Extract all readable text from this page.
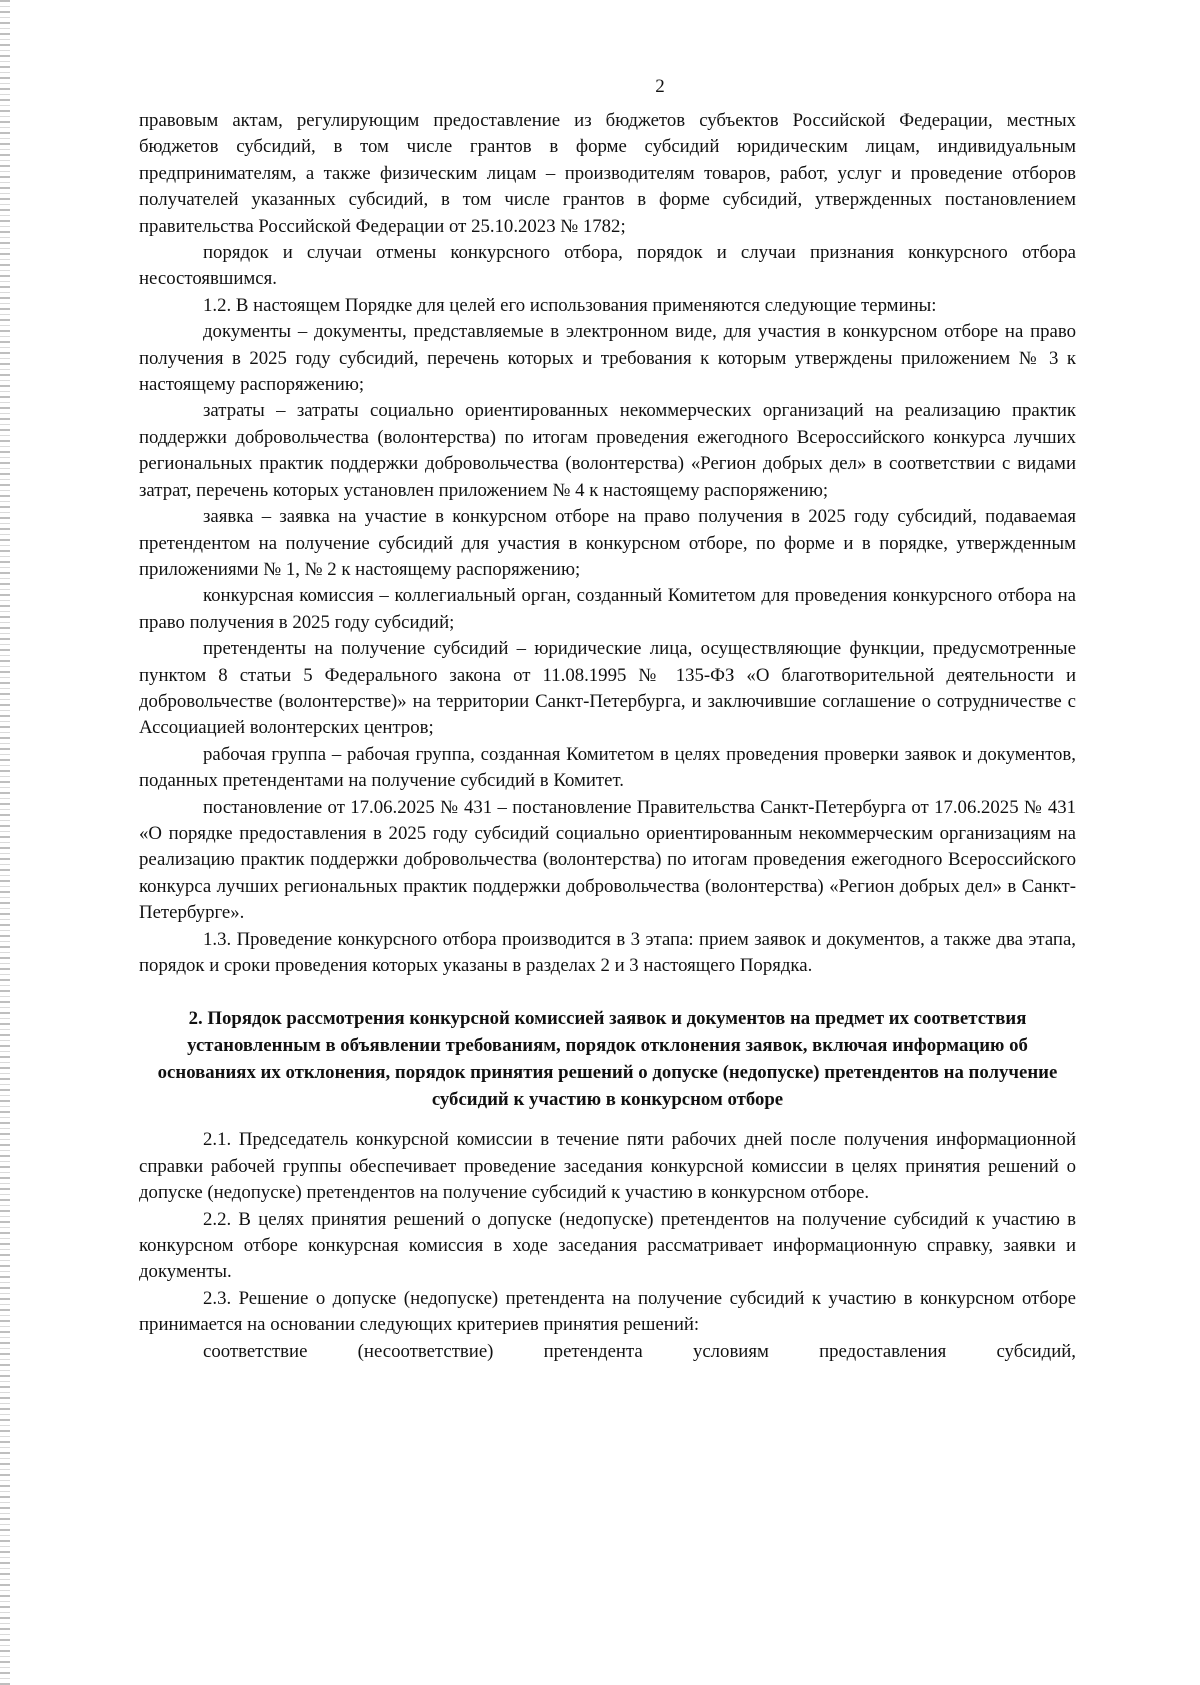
2

правовым актам, регулирующим предоставление из бюджетов субъектов Российской Федерации, местных бюджетов субсидий, в том числе грантов в форме субсидий юридическим лицам, индивидуальным предпринимателям, а также физическим лицам – производителям товаров, работ, услуг и проведение отборов получателей указанных субсидий, в том числе грантов в форме субсидий, утвержденных постановлением правительства Российской Федерации от 25.10.2023 № 1782;

порядок и случаи отмены конкурсного отбора, порядок и случаи признания конкурсного отбора несостоявшимся.

1.2. В настоящем Порядке для целей его использования применяются следующие термины:

документы – документы, представляемые в электронном виде, для участия в конкурсном отборе на право получения в 2025 году субсидий, перечень которых и требования к которым утверждены приложением № 3 к настоящему распоряжению;

затраты – затраты социально ориентированных некоммерческих организаций на реализацию практик поддержки добровольчества (волонтерства) по итогам проведения ежегодного Всероссийского конкурса лучших региональных практик поддержки добровольчества (волонтерства) «Регион добрых дел» в соответствии с видами затрат, перечень которых установлен приложением № 4 к настоящему распоряжению;

заявка – заявка на участие в конкурсном отборе на право получения в 2025 году субсидий, подаваемая претендентом на получение субсидий для участия в конкурсном отборе, по форме и в порядке, утвержденным приложениями № 1, № 2 к настоящему распоряжению;

конкурсная комиссия – коллегиальный орган, созданный Комитетом для проведения конкурсного отбора на право получения в 2025 году субсидий;

претенденты на получение субсидий – юридические лица, осуществляющие функции, предусмотренные пунктом 8 статьи 5 Федерального закона от 11.08.1995 № 135-ФЗ «О благотворительной деятельности и добровольчестве (волонтерстве)» на территории Санкт-Петербурга, и заключившие соглашение о сотрудничестве с Ассоциацией волонтерских центров;

рабочая группа – рабочая группа, созданная Комитетом в целях проведения проверки заявок и документов, поданных претендентами на получение субсидий в Комитет.

постановление от 17.06.2025 № 431 – постановление Правительства Санкт-Петербурга от 17.06.2025 № 431 «О порядке предоставления в 2025 году субсидий социально ориентированным некоммерческим организациям на реализацию практик поддержки добровольчества (волонтерства) по итогам проведения ежегодного Всероссийского конкурса лучших региональных практик поддержки добровольчества (волонтерства) «Регион добрых дел» в Санкт-Петербурге».

1.3. Проведение конкурсного отбора производится в 3 этапа: прием заявок и документов, а также два этапа, порядок и сроки проведения которых указаны в разделах 2 и 3 настоящего Порядка.

2. Порядок рассмотрения конкурсной комиссией заявок и документов на предмет их соответствия установленным в объявлении требованиям, порядок отклонения заявок, включая информацию об основаниях их отклонения, порядок принятия решений о допуске (недопуске) претендентов на получение субсидий к участию в конкурсном отборе

2.1. Председатель конкурсной комиссии в течение пяти рабочих дней после получения информационной справки рабочей группы обеспечивает проведение заседания конкурсной комиссии в целях принятия решений о допуске (недопуске) претендентов на получение субсидий к участию в конкурсном отборе.

2.2. В целях принятия решений о допуске (недопуске) претендентов на получение субсидий к участию в конкурсном отборе конкурсная комиссия в ходе заседания рассматривает информационную справку, заявки и документы.

2.3. Решение о допуске (недопуске) претендента на получение субсидий к участию в конкурсном отборе принимается на основании следующих критериев принятия решений:

соответствие (несоответствие) претендента условиям предоставления субсидий,
